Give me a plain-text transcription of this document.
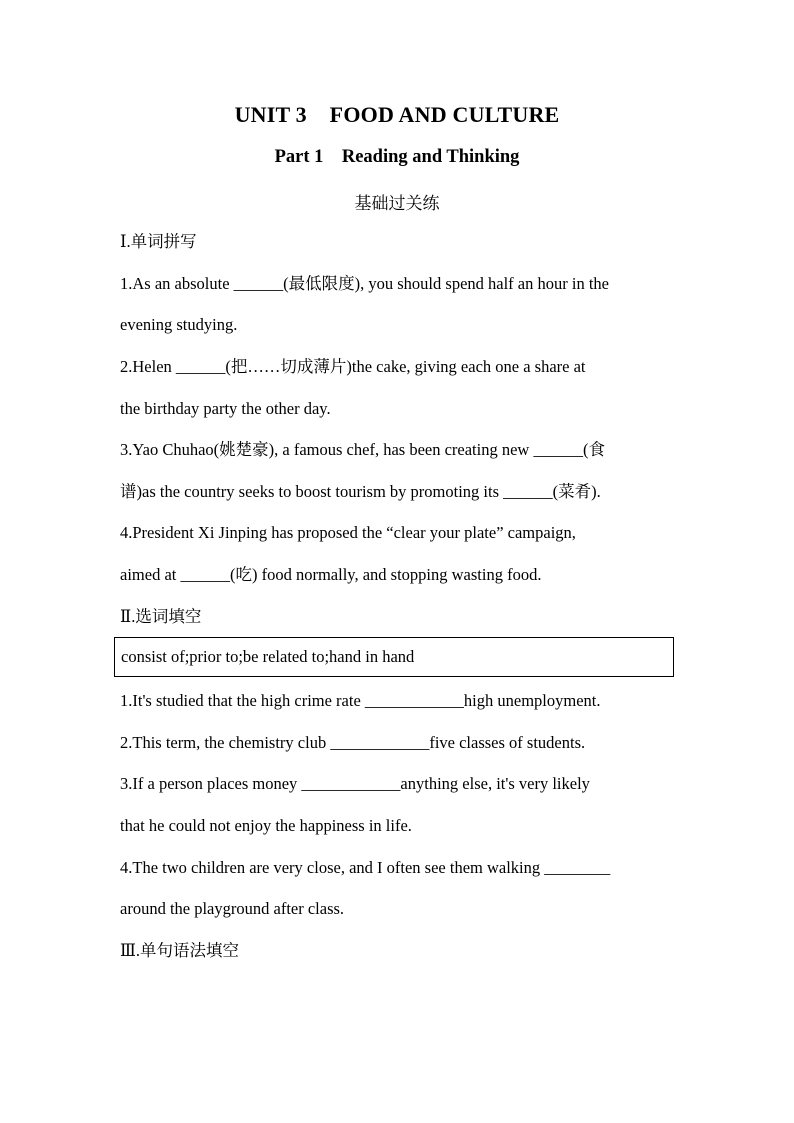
UNIT 3    FOOD AND CULTURE
Part 1    Reading and Thinking
基础过关练
Ⅰ.单词拼写
1.As an absolute ______(最低限度), you should spend half an hour in the
evening studying.
2.Helen ______(把……切成薄片)the cake, giving each one a share at
the birthday party the other day.
3.Yao Chuhao(姚楚豪), a famous chef, has been creating new ______(食
谱)as the country seeks to boost tourism by promoting its ______(菜肴).
4.President Xi Jinping has proposed the “clear your plate” campaign,
aimed at ______(吃) food normally, and stopping wasting food.
Ⅱ.选词填空
consist of;prior to;be related to;hand in hand
1.It's studied that the high crime rate ____________high unemployment.
2.This term, the chemistry club ____________five classes of students.
3.If a person places money ____________anything else, it's very likely
that he could not enjoy the happiness in life.
4.The two children are very close, and I often see them walking ________
around the playground after class.
Ⅲ.单句语法填空
